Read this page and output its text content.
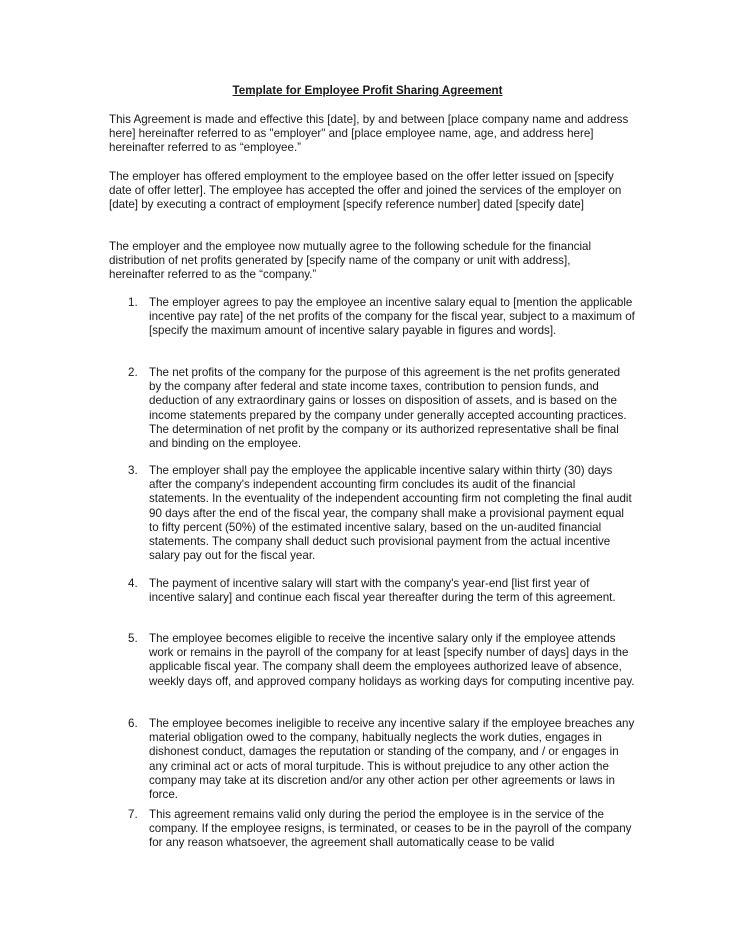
Template for Employee Profit Sharing Agreement

This Agreement is made and effective this [date], by and between [place company name and address here] hereinafter referred to as "employer" and [place employee name, age, and address here] hereinafter referred to as “employee.”

The employer has offered employment to the employee based on the offer letter issued on [specify date of offer letter]. The employee has accepted the offer and joined the services of the employer on [date] by executing a contract of employment [specify reference number] dated [specify date]

The employer and the employee now mutually agree to the following schedule for the financial distribution of net profits generated by [specify name of the company or unit with address], hereinafter referred to as the “company.”

1. The employer agrees to pay the employee an incentive salary equal to [mention the applicable incentive pay rate] of the net profits of the company for the fiscal year, subject to a maximum of [specify the maximum amount of incentive salary payable in figures and words].

2. The net profits of the company for the purpose of this agreement is the net profits generated by the company after federal and state income taxes, contribution to pension funds, and deduction of any extraordinary gains or losses on disposition of assets, and is based on the income statements prepared by the company under generally accepted accounting practices. The determination of net profit by the company or its authorized representative shall be final and binding on the employee.

3. The employer shall pay the employee the applicable incentive salary within thirty (30) days after the company's independent accounting firm concludes its audit of the financial statements. In the eventuality of the independent accounting firm not completing the final audit 90 days after the end of the fiscal year, the company shall make a provisional payment equal to fifty percent (50%) of the estimated incentive salary, based on the un-audited financial statements. The company shall deduct such provisional payment from the actual incentive salary pay out for the fiscal year.

4. The payment of incentive salary will start with the company's year-end [list first year of incentive salary] and continue each fiscal year thereafter during the term of this agreement.

5. The employee becomes eligible to receive the incentive salary only if the employee attends work or remains in the payroll of the company for at least [specify number of days] days in the applicable fiscal year. The company shall deem the employees authorized leave of absence, weekly days off, and approved company holidays as working days for computing incentive pay.

6. The employee becomes ineligible to receive any incentive salary if the employee breaches any material obligation owed to the company, habitually neglects the work duties, engages in dishonest conduct, damages the reputation or standing of the company, and / or engages in any criminal act or acts of moral turpitude. This is without prejudice to any other action the company may take at its discretion and/or any other action per other agreements or laws in force.

7. This agreement remains valid only during the period the employee is in the service of the company. If the employee resigns, is terminated, or ceases to be in the payroll of the company for any reason whatsoever, the agreement shall automatically cease to be valid
